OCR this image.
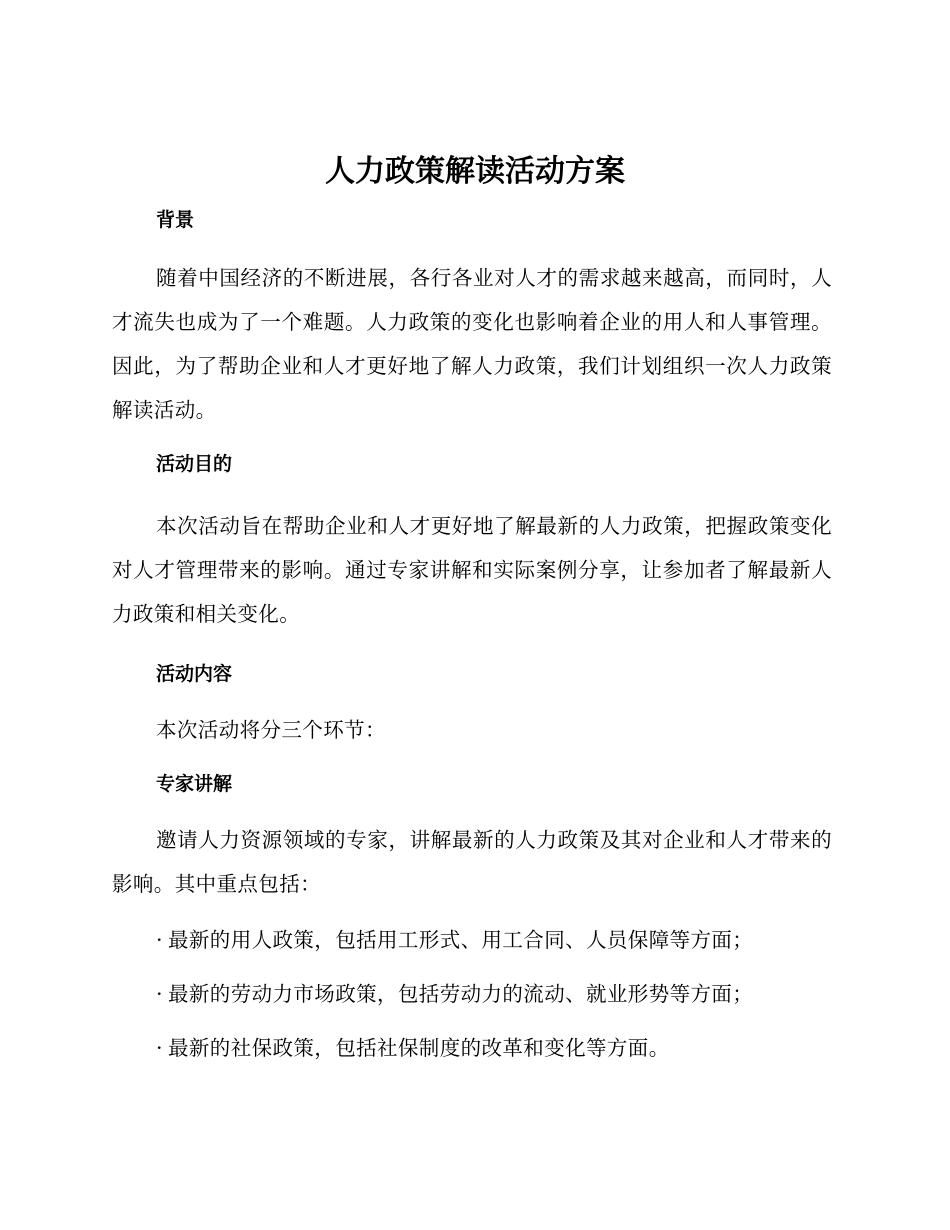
人力政策解读活动方案
背景

随着中国经济的不断进展，各行各业对人才的需求越来越高，而同时，人才流失也成为了一个难题。人力政策的变化也影响着企业的用人和人事管理。因此，为了帮助企业和人才更好地了解人力政策，我们计划组织一次人力政策解读活动。

活动目的

本次活动旨在帮助企业和人才更好地了解最新的人力政策，把握政策变化对人才管理带来的影响。通过专家讲解和实际案例分享，让参加者了解最新人力政策和相关变化。

活动内容

本次活动将分三个环节：

专家讲解

邀请人力资源领域的专家，讲解最新的人力政策及其对企业和人才带来的影响。其中重点包括：

· 最新的用人政策，包括用工形式、用工合同、人员保障等方面；
· 最新的劳动力市场政策，包括劳动力的流动、就业形势等方面；
· 最新的社保政策，包括社保制度的改革和变化等方面。
